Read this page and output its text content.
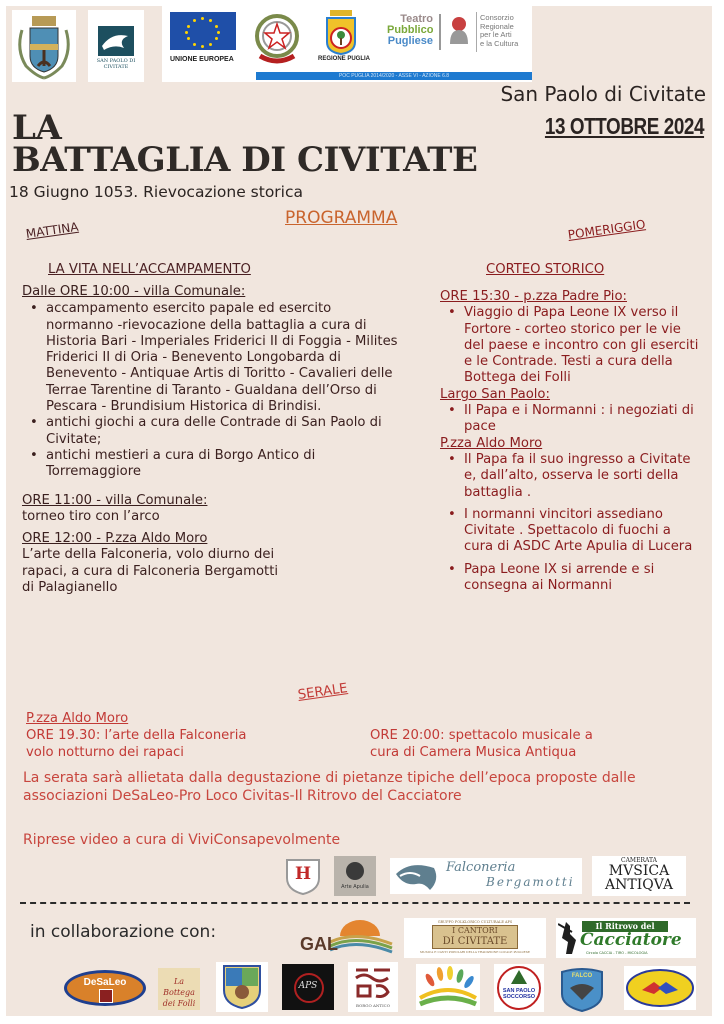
SAN PAOLO DI CIVITATE
UNIONE EUROPEA	REGIONE PUGLIA
Teatro
Pubblico
Pugliese
Consorzio
Regionale
per le Arti
e la Cultura
POC PUGLIA 2014/2020 - ASSE VI - AZIONE 6.8
San Paolo di Civitate
13 OTTOBRE 2024
LA
BATTAGLIA DI CIVITATE
18 Giugno 1053. Rievocazione storica
PROGRAMMA
MATTINA	POMERIGGIO
LA VITA NELL’ACCAMPAMENTO
Dalle ORE 10:00 - villa Comunale:
• accampamento esercito papale ed esercito normanno -rievocazione della battaglia a cura di Historia Bari - Imperiales Friderici II di Foggia - Milites Friderici II di Oria - Benevento Longobarda di Benevento - Antiquae Artis di Toritto - Cavalieri delle Terrae Tarentine di Taranto - Gualdana dell’Orso di Pescara - Brundisium Historica di Brindisi.
• antichi giochi a cura delle Contrade di San Paolo di Civitate;
• antichi mestieri a cura di Borgo Antico di Torremaggiore
ORE 11:00 - villa Comunale:
torneo tiro con l’arco
ORE 12:00 - P.zza Aldo Moro
L’arte della Falconeria, volo diurno dei rapaci, a cura di Falconeria Bergamotti di Palagianello
CORTEO STORICO
ORE 15:30 - p.zza Padre Pio:
• Viaggio di Papa Leone IX verso il Fortore - corteo storico per le vie del paese e incontro con gli eserciti e le Contrade. Testi a cura della Bottega dei Folli
Largo San Paolo:
• Il Papa e i Normanni : i negoziati di pace
P.zza Aldo Moro
• Il Papa fa il suo ingresso a Civitate e, dall’alto, osserva le sorti della battaglia .
• I normanni vincitori assediano Civitate . Spettacolo di fuochi a cura di ASDC Arte Apulia di Lucera
• Papa Leone IX si arrende e si consegna ai Normanni
SERALE
P.zza Aldo Moro
ORE 19.30: l’arte della Falconeria
volo notturno dei rapaci
ORE 20:00: spettacolo musicale a
cura di Camera Musica Antiqua
La serata sarà allietata dalla degustazione di pietanze tipiche dell’epoca proposte dalle associazioni DeSaLeo-Pro Loco Civitas-Il Ritrovo del Cacciatore
Riprese video a cura di ViviConsapevolmente
H
Arte Apulia
Falconeria
Bergamotti
CAMERATA
MVSICA
ANTIQVA
in collaborazione con:
GAL
GRUPPO FOLKLORICO CULTURALE APS
I CANTORI
DI CIVITATE
MUSICA E CANTI POPOLARI DELLA TRADIZIONE LOCALE PUGLIESE
Il Ritrovo del
Cacciatore
Circolo CACCIA - TIRO - MICOLOGIA
DeSaLeo	La Bottega
dei Folli
APS
BORGO ANTICO
SAN PAOLO
SOCCORSO
FALCO
